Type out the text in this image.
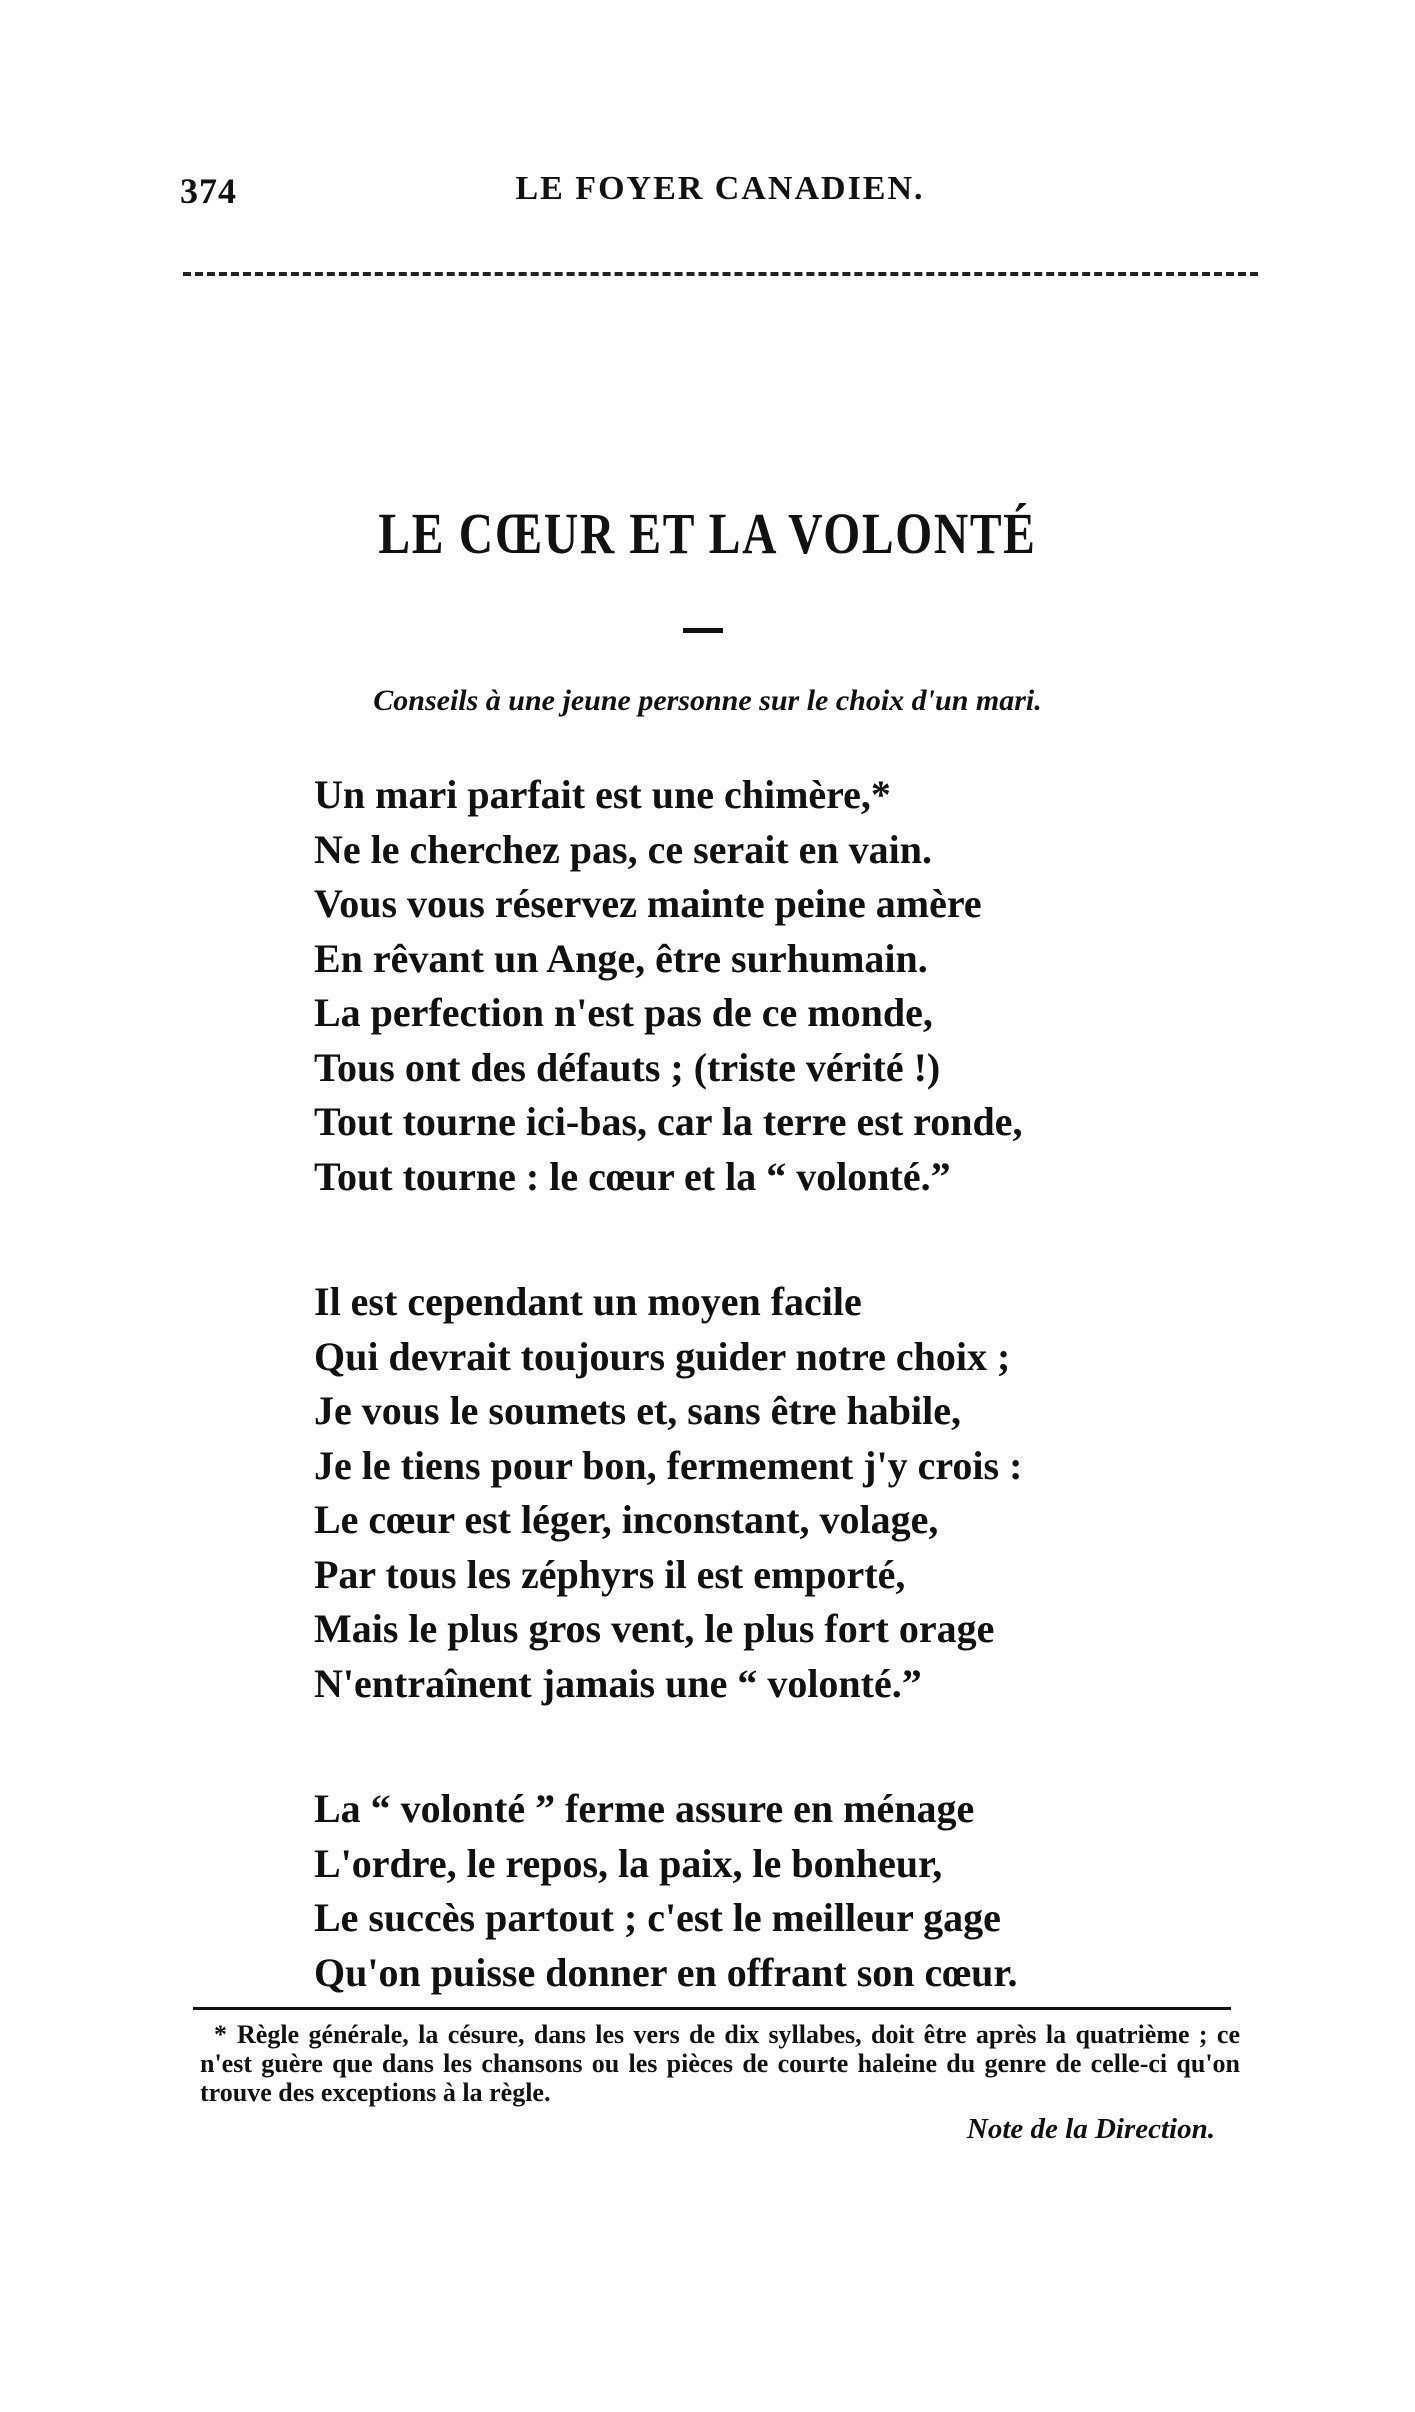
374	LE FOYER CANADIEN.
LE CŒUR ET LA VOLONTÉ
Conseils à une jeune personne sur le choix d'un mari.
Un mari parfait est une chimère,*
Ne le cherchez pas, ce serait en vain.
Vous vous réservez mainte peine amère
En rêvant un Ange, être surhumain.
La perfection n'est pas de ce monde,
Tous ont des défauts ; (triste vérité !)
Tout tourne ici-bas, car la terre est ronde,
Tout tourne : le cœur et la “ volonté.”
Il est cependant un moyen facile
Qui devrait toujours guider notre choix ;
Je vous le soumets et, sans être habile,
Je le tiens pour bon, fermement j'y crois :
Le cœur est léger, inconstant, volage,
Par tous les zéphyrs il est emporté,
Mais le plus gros vent, le plus fort orage
N'entraînent jamais une “ volonté.”
La “ volonté ” ferme assure en ménage
L'ordre, le repos, la paix, le bonheur,
Le succès partout ; c'est le meilleur gage
Qu'on puisse donner en offrant son cœur.
* Règle générale, la césure, dans les vers de dix syllabes, doit être après la quatrième ; ce n'est guère que dans les chansons ou les pièces de courte haleine du genre de celle-ci qu'on trouve des exceptions à la règle.
Note de la Direction.
